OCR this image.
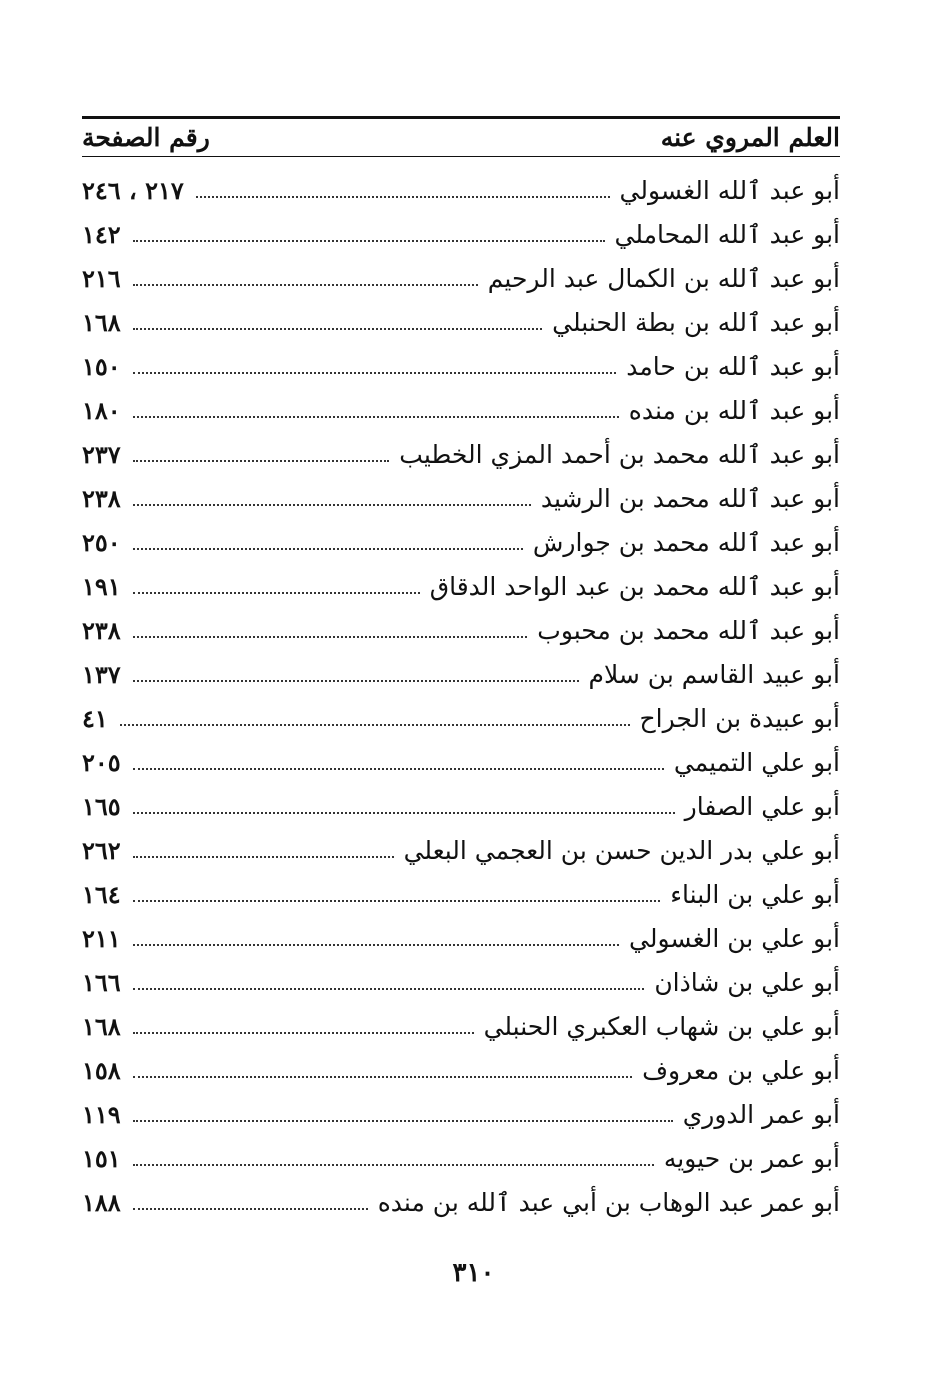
العلم المروي عنه
رقم الصفحة
أبو عبد ٱلله الغسولي
٢١٧ ، ٢٤٦
أبو عبد ٱلله المحاملي
١٤٢
أبو عبد ٱلله بن الكمال عبد الرحيم
٢١٦
أبو عبد ٱلله بن بطة الحنبلي
١٦٨
أبو عبد ٱلله بن حامد
١٥٠
أبو عبد ٱلله بن منده
١٨٠
أبو عبد ٱلله محمد بن أحمد المزي الخطيب
٢٣٧
أبو عبد ٱلله محمد بن الرشيد
٢٣٨
أبو عبد ٱلله محمد بن جوارش
٢٥٠
أبو عبد ٱلله محمد بن عبد الواحد الدقاق
١٩١
أبو عبد ٱلله محمد بن محبوب
٢٣٨
أبو عبيد القاسم بن سلام
١٣٧
أبو عبيدة بن الجراح
٤١
أبو علي التميمي
٢٠٥
أبو علي الصفار
١٦٥
أبو علي بدر الدين حسن بن العجمي البعلي
٢٦٢
أبو علي بن البناء
١٦٤
أبو علي بن الغسولي
٢١١
أبو علي بن شاذان
١٦٦
أبو علي بن شهاب العكبري الحنبلي
١٦٨
أبو علي بن معروف
١٥٨
أبو عمر الدوري
١١٩
أبو عمر بن حيويه
١٥١
أبو عمر عبد الوهاب بن أبي عبد ٱلله بن منده
١٨٨
٣١٠
